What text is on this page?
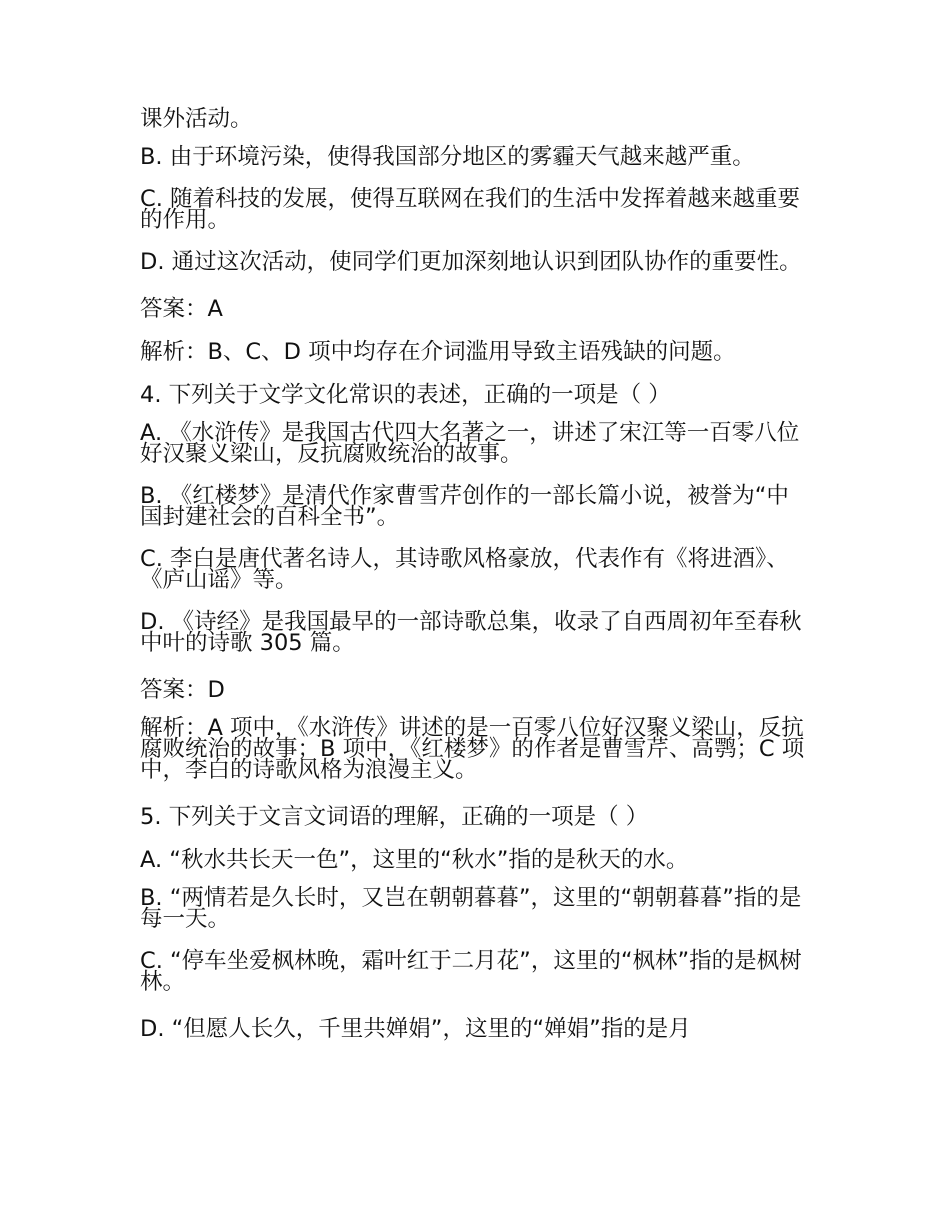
课外活动。

B. 由于环境污染，使得我国部分地区的雾霾天气越来越严重。

C. 随着科技的发展，使得互联网在我们的生活中发挥着越来越重要的作用。

D. 通过这次活动，使同学们更加深刻地认识到团队协作的重要性。

答案：A

解析：B、C、D 项中均存在介词滥用导致主语残缺的问题。

4. 下列关于文学文化常识的表述，正确的一项是（ ）

A. 《水浒传》是我国古代四大名著之一，讲述了宋江等一百零八位好汉聚义梁山，反抗腐败统治的故事。

B. 《红楼梦》是清代作家曹雪芹创作的一部长篇小说，被誉为“中国封建社会的百科全书”。

C. 李白是唐代著名诗人，其诗歌风格豪放，代表作有《将进酒》、《庐山谣》等。

D. 《诗经》是我国最早的一部诗歌总集，收录了自西周初年至春秋中叶的诗歌 305 篇。

答案：D

解析：A 项中，《水浒传》讲述的是一百零八位好汉聚义梁山，反抗腐败统治的故事；B 项中，《红楼梦》的作者是曹雪芹、高鹗；C 项中，李白的诗歌风格为浪漫主义。

5. 下列关于文言文词语的理解，正确的一项是（ ）

A. “秋水共长天一色”，这里的“秋水”指的是秋天的水。

B. “两情若是久长时，又岂在朝朝暮暮”，这里的“朝朝暮暮”指的是每一天。

C. “停车坐爱枫林晚，霜叶红于二月花”，这里的“枫林”指的是枫树林。

D. “但愿人长久，千里共婵娟”，这里的“婵娟”指的是月
